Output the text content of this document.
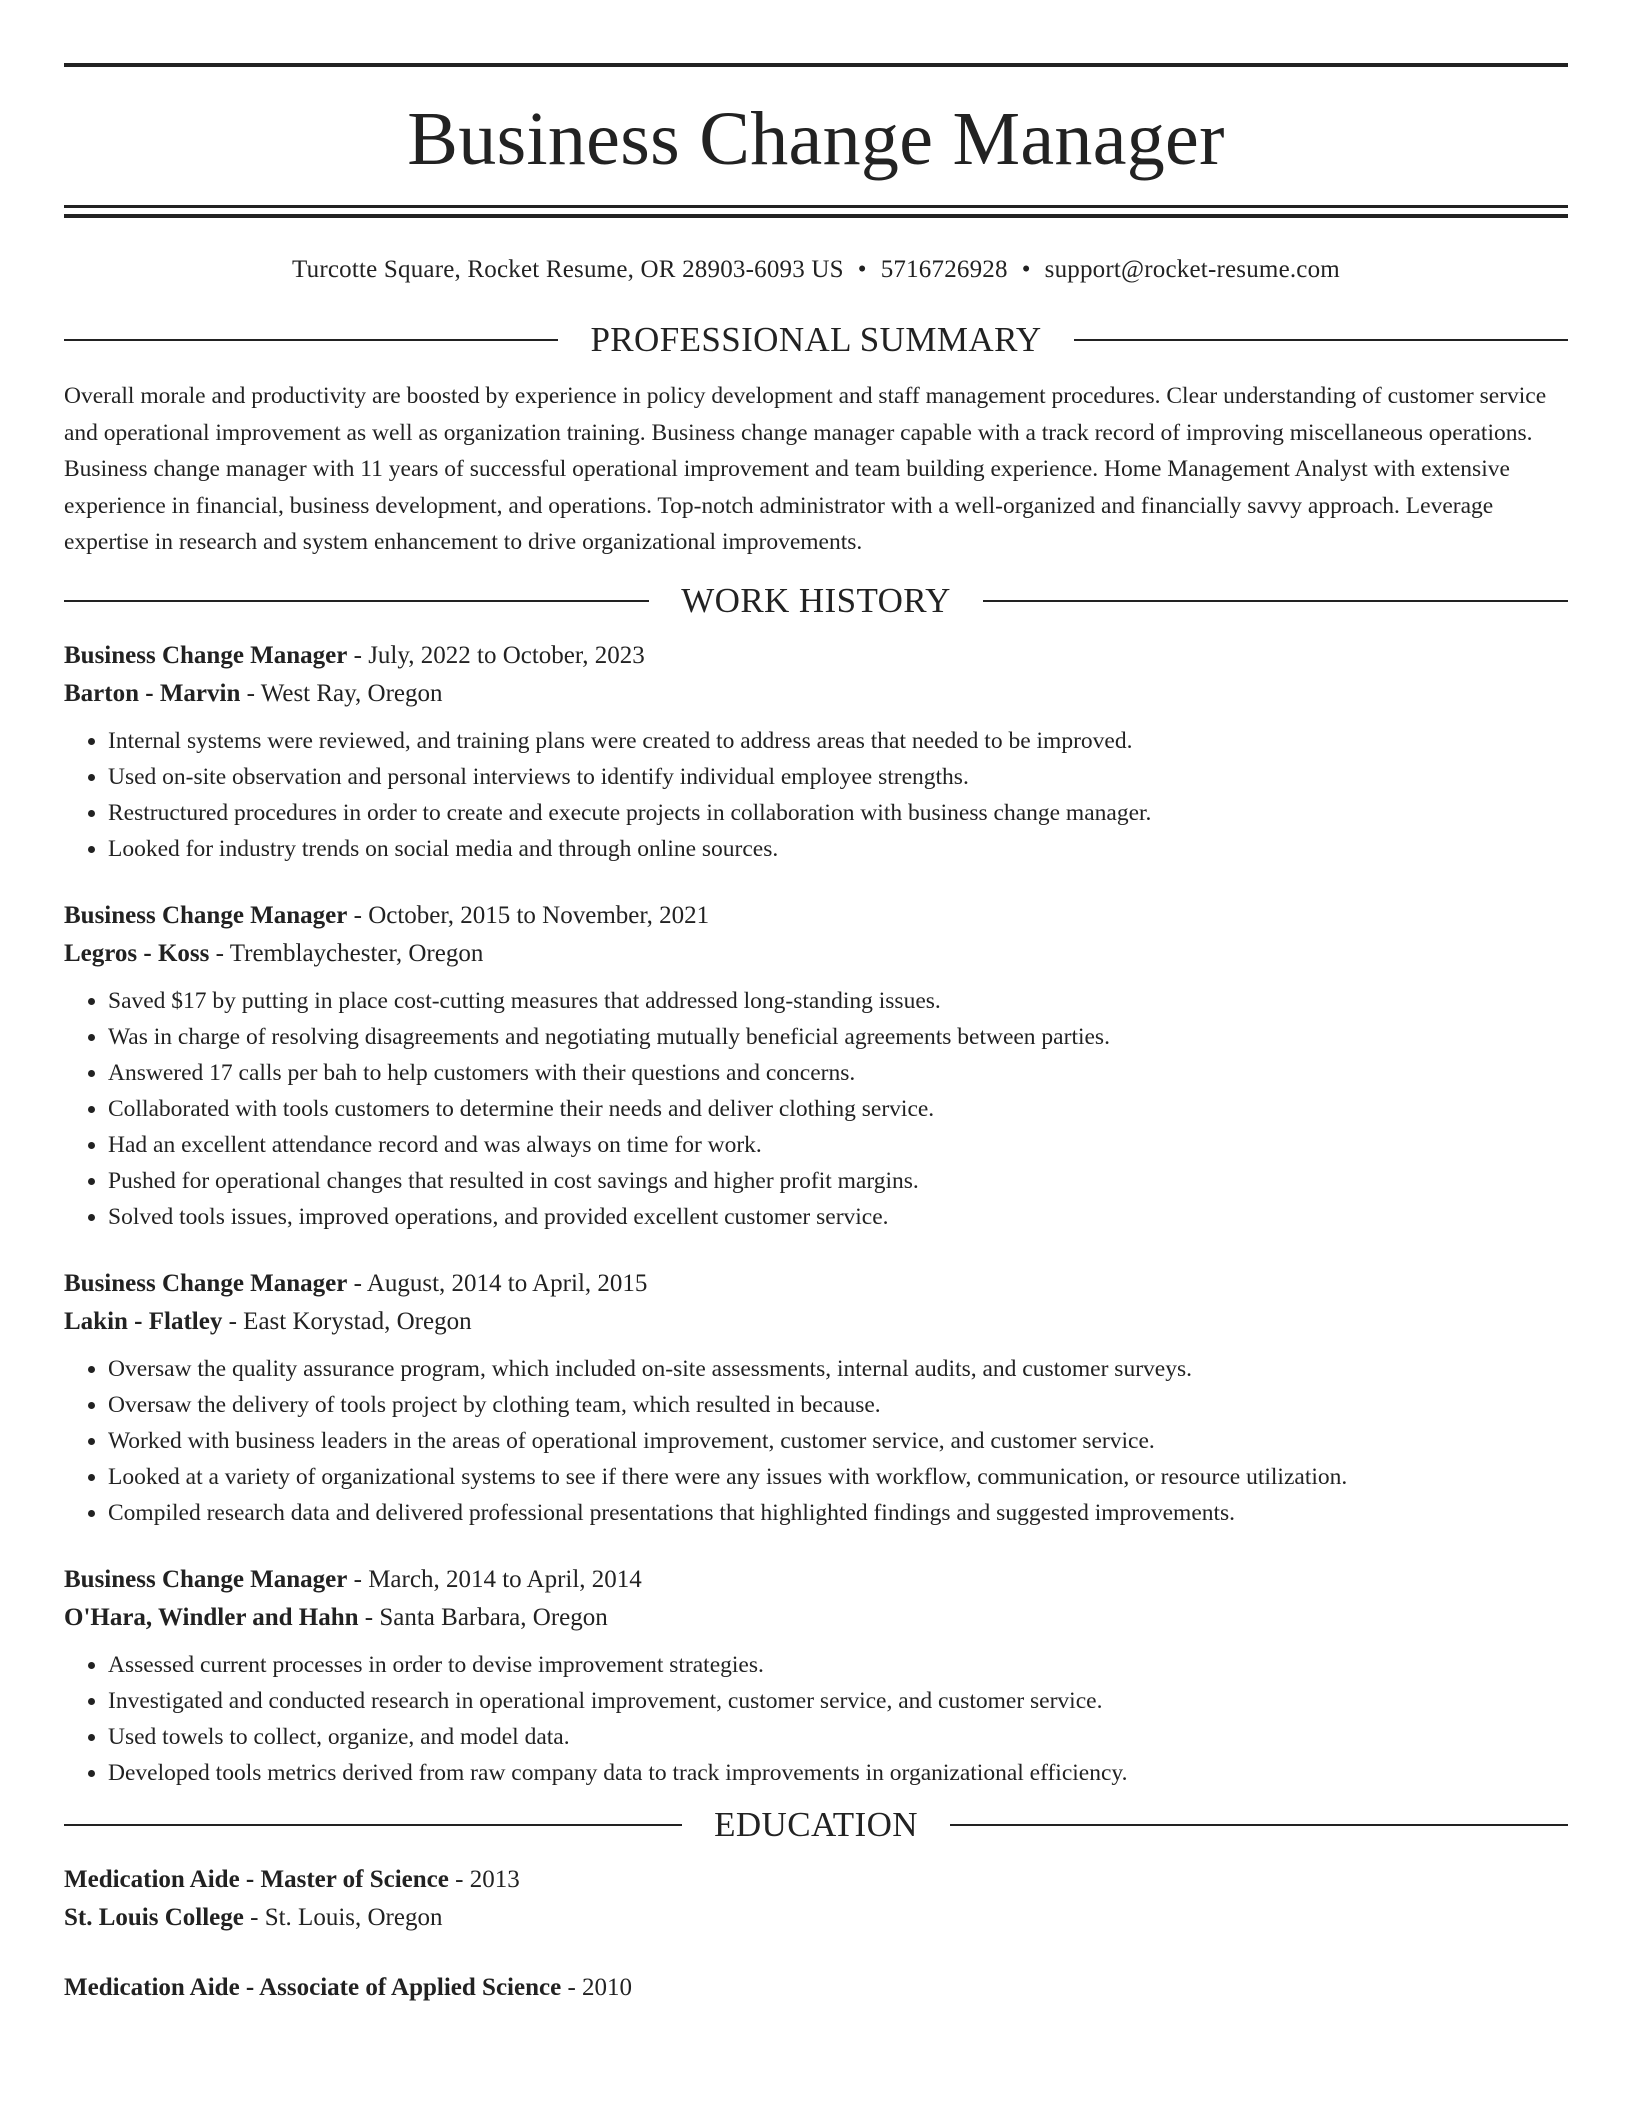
Business Change Manager
Turcotte Square, Rocket Resume, OR 28903-6093 US • 5716726928 • support@rocket-resume.com
PROFESSIONAL SUMMARY

Overall morale and productivity are boosted by experience in policy development and staff management procedures. Clear understanding of customer service and operational improvement as well as organization training. Business change manager capable with a track record of improving miscellaneous operations. Business change manager with 11 years of successful operational improvement and team building experience. Home Management Analyst with extensive experience in financial, business development, and operations. Top-notch administrator with a well-organized and financially savvy approach. Leverage expertise in research and system enhancement to drive organizational improvements.

WORK HISTORY
Business Change Manager - July, 2022 to October, 2023
Barton - Marvin - West Ray, Oregon
• Internal systems were reviewed, and training plans were created to address areas that needed to be improved.
• Used on-site observation and personal interviews to identify individual employee strengths.
• Restructured procedures in order to create and execute projects in collaboration with business change manager.
• Looked for industry trends on social media and through online sources.
Business Change Manager - October, 2015 to November, 2021
Legros - Koss - Tremblaychester, Oregon
• Saved $17 by putting in place cost-cutting measures that addressed long-standing issues.
• Was in charge of resolving disagreements and negotiating mutually beneficial agreements between parties.
• Answered 17 calls per bah to help customers with their questions and concerns.
• Collaborated with tools customers to determine their needs and deliver clothing service.
• Had an excellent attendance record and was always on time for work.
• Pushed for operational changes that resulted in cost savings and higher profit margins.
• Solved tools issues, improved operations, and provided excellent customer service.
Business Change Manager - August, 2014 to April, 2015
Lakin - Flatley - East Korystad, Oregon
• Oversaw the quality assurance program, which included on-site assessments, internal audits, and customer surveys.
• Oversaw the delivery of tools project by clothing team, which resulted in because.
• Worked with business leaders in the areas of operational improvement, customer service, and customer service.
• Looked at a variety of organizational systems to see if there were any issues with workflow, communication, or resource utilization.
• Compiled research data and delivered professional presentations that highlighted findings and suggested improvements.
Business Change Manager - March, 2014 to April, 2014
O'Hara, Windler and Hahn - Santa Barbara, Oregon
• Assessed current processes in order to devise improvement strategies.
• Investigated and conducted research in operational improvement, customer service, and customer service.
• Used towels to collect, organize, and model data.
• Developed tools metrics derived from raw company data to track improvements in organizational efficiency.
EDUCATION
Medication Aide - Master of Science - 2013
St. Louis College - St. Louis, Oregon
Medication Aide - Associate of Applied Science - 2010
